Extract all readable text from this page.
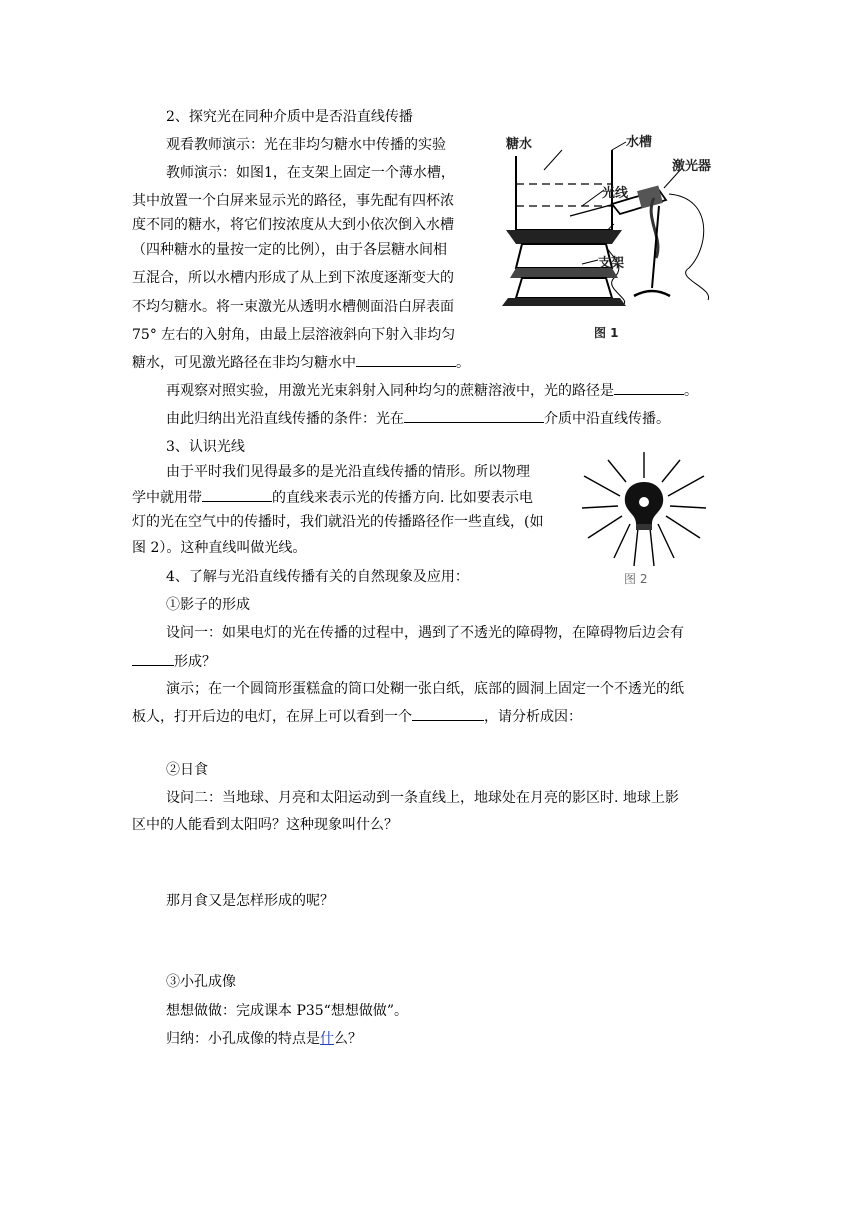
2、探究光在同种介质中是否沿直线传播
观看教师演示：光在非均匀糖水中传播的实验
教师演示：如图1，在支架上固定一个薄水槽，
其中放置一个白屏来显示光的路径，事先配有四杯浓
度不同的糖水，将它们按浓度从大到小依次倒入水槽
（四种糖水的量按一定的比例），由于各层糖水间相
互混合，所以水槽内形成了从上到下浓度逐渐变大的
不均匀糖水。将一束激光从透明水槽侧面沿白屏表面
75° 左右的入射角，由最上层溶液斜向下射入非均匀
糖水，可见激光路径在非均匀糖水中	。
再观察对照实验，用激光光束斜射入同种均匀的蔗糖溶液中，光的路径是	。
由此归纳出光沿直线传播的条件：光在	介质中沿直线传播。
糖水	水槽
激光器
光线
支架
图 1
3、认识光线
由于平时我们见得最多的是光沿直线传播的情形。所以物理
学中就用带	的直线来表示光的传播方向. 比如要表示电
灯的光在空气中的传播时，我们就沿光的传播路径作一些直线，(如
图 2）。这种直线叫做光线。
图 2
4、了解与光沿直线传播有关的自然现象及应用：
①影子的形成
设问一：如果电灯的光在传播的过程中，遇到了不透光的障碍物，在障碍物后边会有
形成？
演示；在一个圆筒形蛋糕盒的筒口处糊一张白纸，底部的圆洞上固定一个不透光的纸
板人，打开后边的电灯，在屏上可以看到一个	，请分析成因：
②日食
设问二：当地球、月亮和太阳运动到一条直线上，地球处在月亮的影区时. 地球上影
区中的人能看到太阳吗？这种现象叫什么？
那月食又是怎样形成的呢？
③小孔成像
想想做做：完成课本 P35“想想做做”。
归纳：小孔成像的特点是什么？
